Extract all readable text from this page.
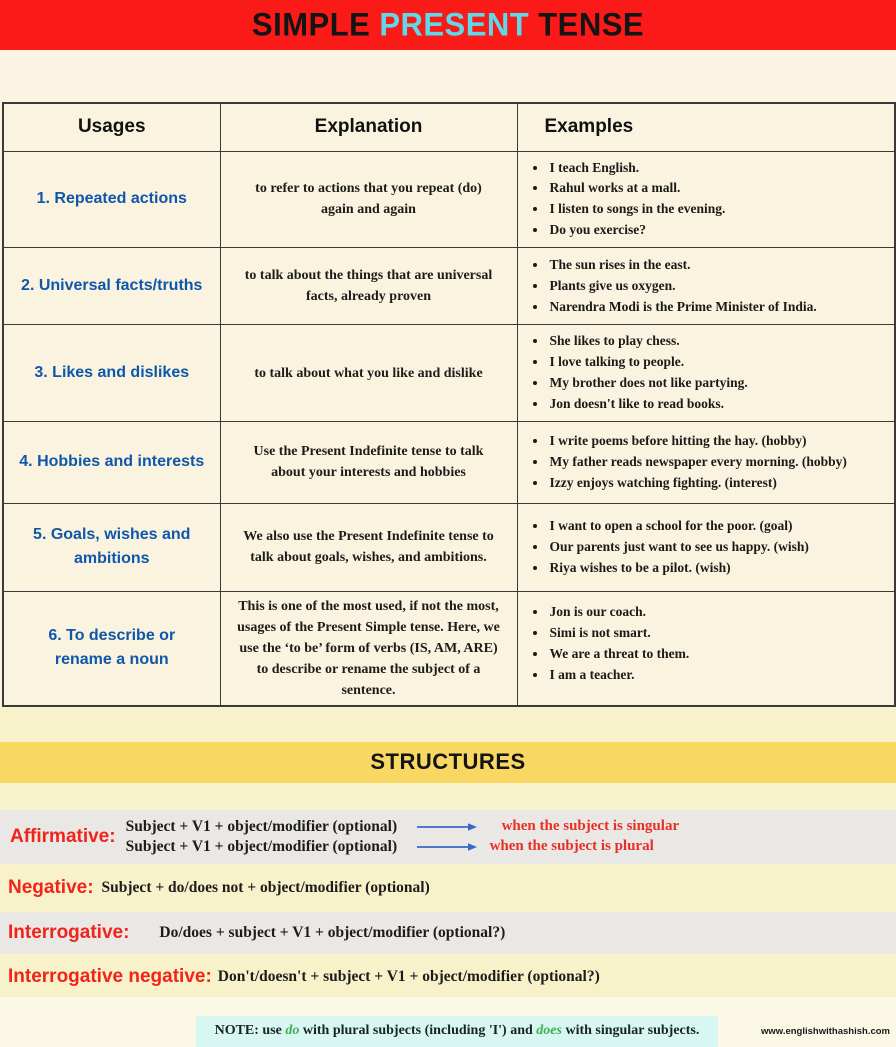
SIMPLE PRESENT TENSE
Usages	Explanation	Examples
1. Repeated actions	to refer to actions that you repeat (do) again and again	
• I teach English.
• Rahul works at a mall.
• I listen to songs in the evening.
• Do you exercise?

2. Universal facts/truths	to talk about the things that are universal facts, already proven	
• The sun rises in the east.
• Plants give us oxygen.
• Narendra Modi is the Prime Minister of India.

3. Likes and dislikes	to talk about what you like and dislike	
• She likes to play chess.
• I love talking to people.
• My brother does not like partying.
• Jon doesn't like to read books.

4. Hobbies and interests	Use the Present Indefinite tense to talk about your interests and hobbies	
• I write poems before hitting the hay. (hobby)
• My father reads newspaper every morning. (hobby)
• Izzy enjoys watching fighting. (interest)

5. Goals, wishes and ambitions	We also use the Present Indefinite tense to talk about goals, wishes, and ambitions.	
• I want to open a school for the poor. (goal)
• Our parents just want to see us happy. (wish)
• Riya wishes to be a pilot. (wish)

6. To describe or rename a noun	This is one of the most used, if not the most, usages of the Present Simple tense. Here, we use the ‘to be’ form of verbs (IS, AM, ARE) to describe or rename the subject of a sentence.	
• Jon is our coach.
• Simi is not smart.
• We are a threat to them.
• I am a teacher.
STRUCTURES
Affirmative: Subject + V1 + object/modifier (optional)	when the subject is singular
Subject + V1 + object/modifier (optional)	when the subject is plural
Negative: Subject + do/does not + object/modifier (optional)
Interrogative: Do/does + subject + V1 + object/modifier (optional?)
Interrogative negative: Don't/doesn't + subject + V1 + object/modifier (optional?)
NOTE: use do with plural subjects (including 'I') and does with singular subjects.	www.englishwithashish.com
